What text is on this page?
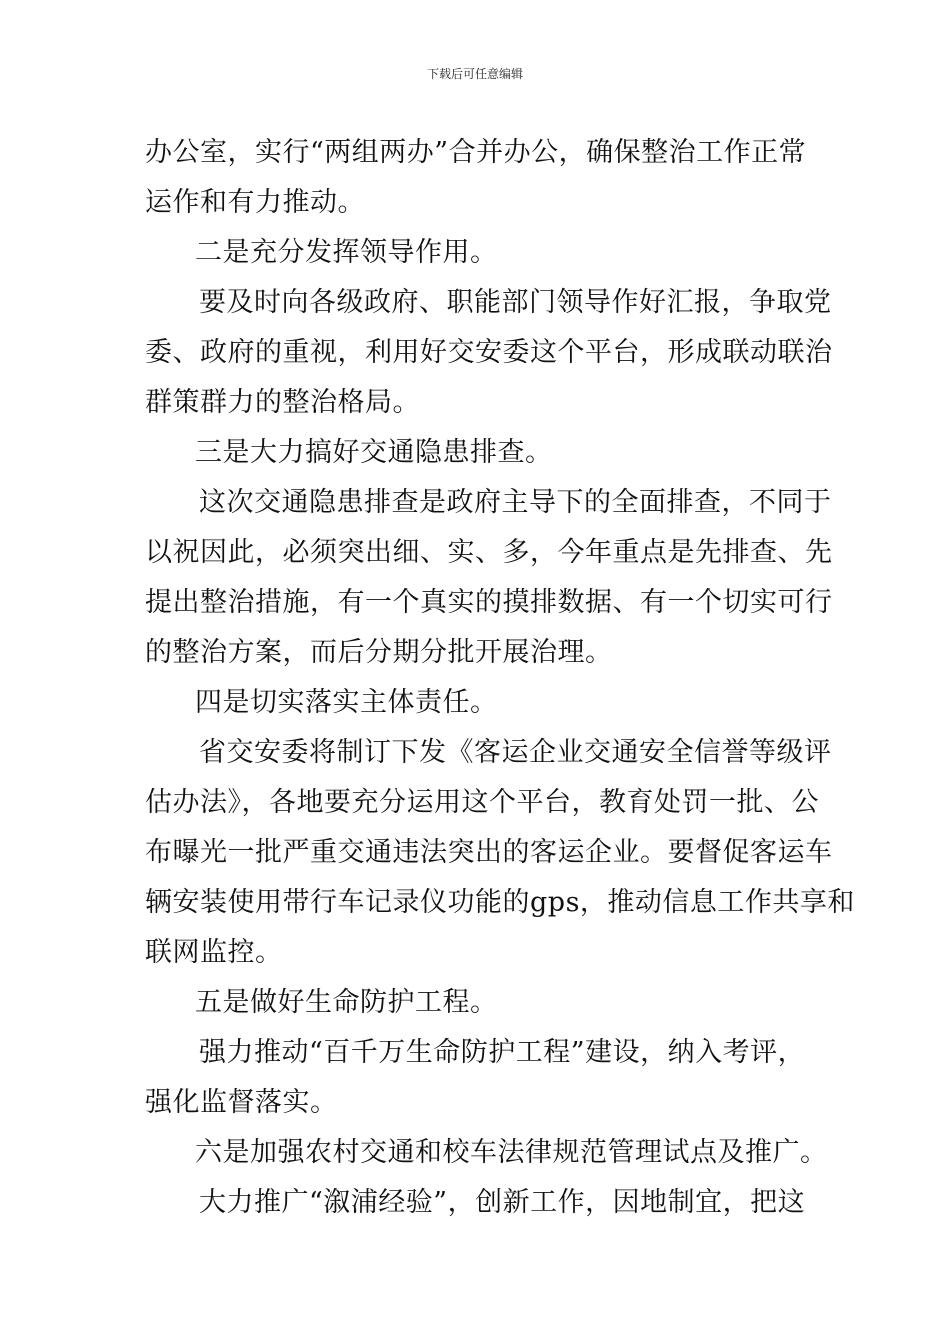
下载后可任意编辑
办公室，实行“两组两办”合并办公，确保整治工作正常
运作和有力推动。
二是充分发挥领导作用。
要及时向各级政府、职能部门领导作好汇报，争取党
委、政府的重视，利用好交安委这个平台，形成联动联治
群策群力的整治格局。
三是大力搞好交通隐患排查。
这次交通隐患排查是政府主导下的全面排查，不同于
以祝因此，必须突出细、实、多，今年重点是先排查、先
提出整治措施，有一个真实的摸排数据、有一个切实可行
的整治方案，而后分期分批开展治理。
四是切实落实主体责任。
省交安委将制订下发《客运企业交通安全信誉等级评
估办法》，各地要充分运用这个平台，教育处罚一批、公
布曝光一批严重交通违法突出的客运企业。要督促客运车
辆安装使用带行车记录仪功能的gps，推动信息工作共享和
联网监控。
五是做好生命防护工程。
强力推动“百千万生命防护工程”建设，纳入考评，
强化监督落实。
六是加强农村交通和校车法律规范管理试点及推广。
大力推广“溆浦经验”，创新工作，因地制宜，把这
